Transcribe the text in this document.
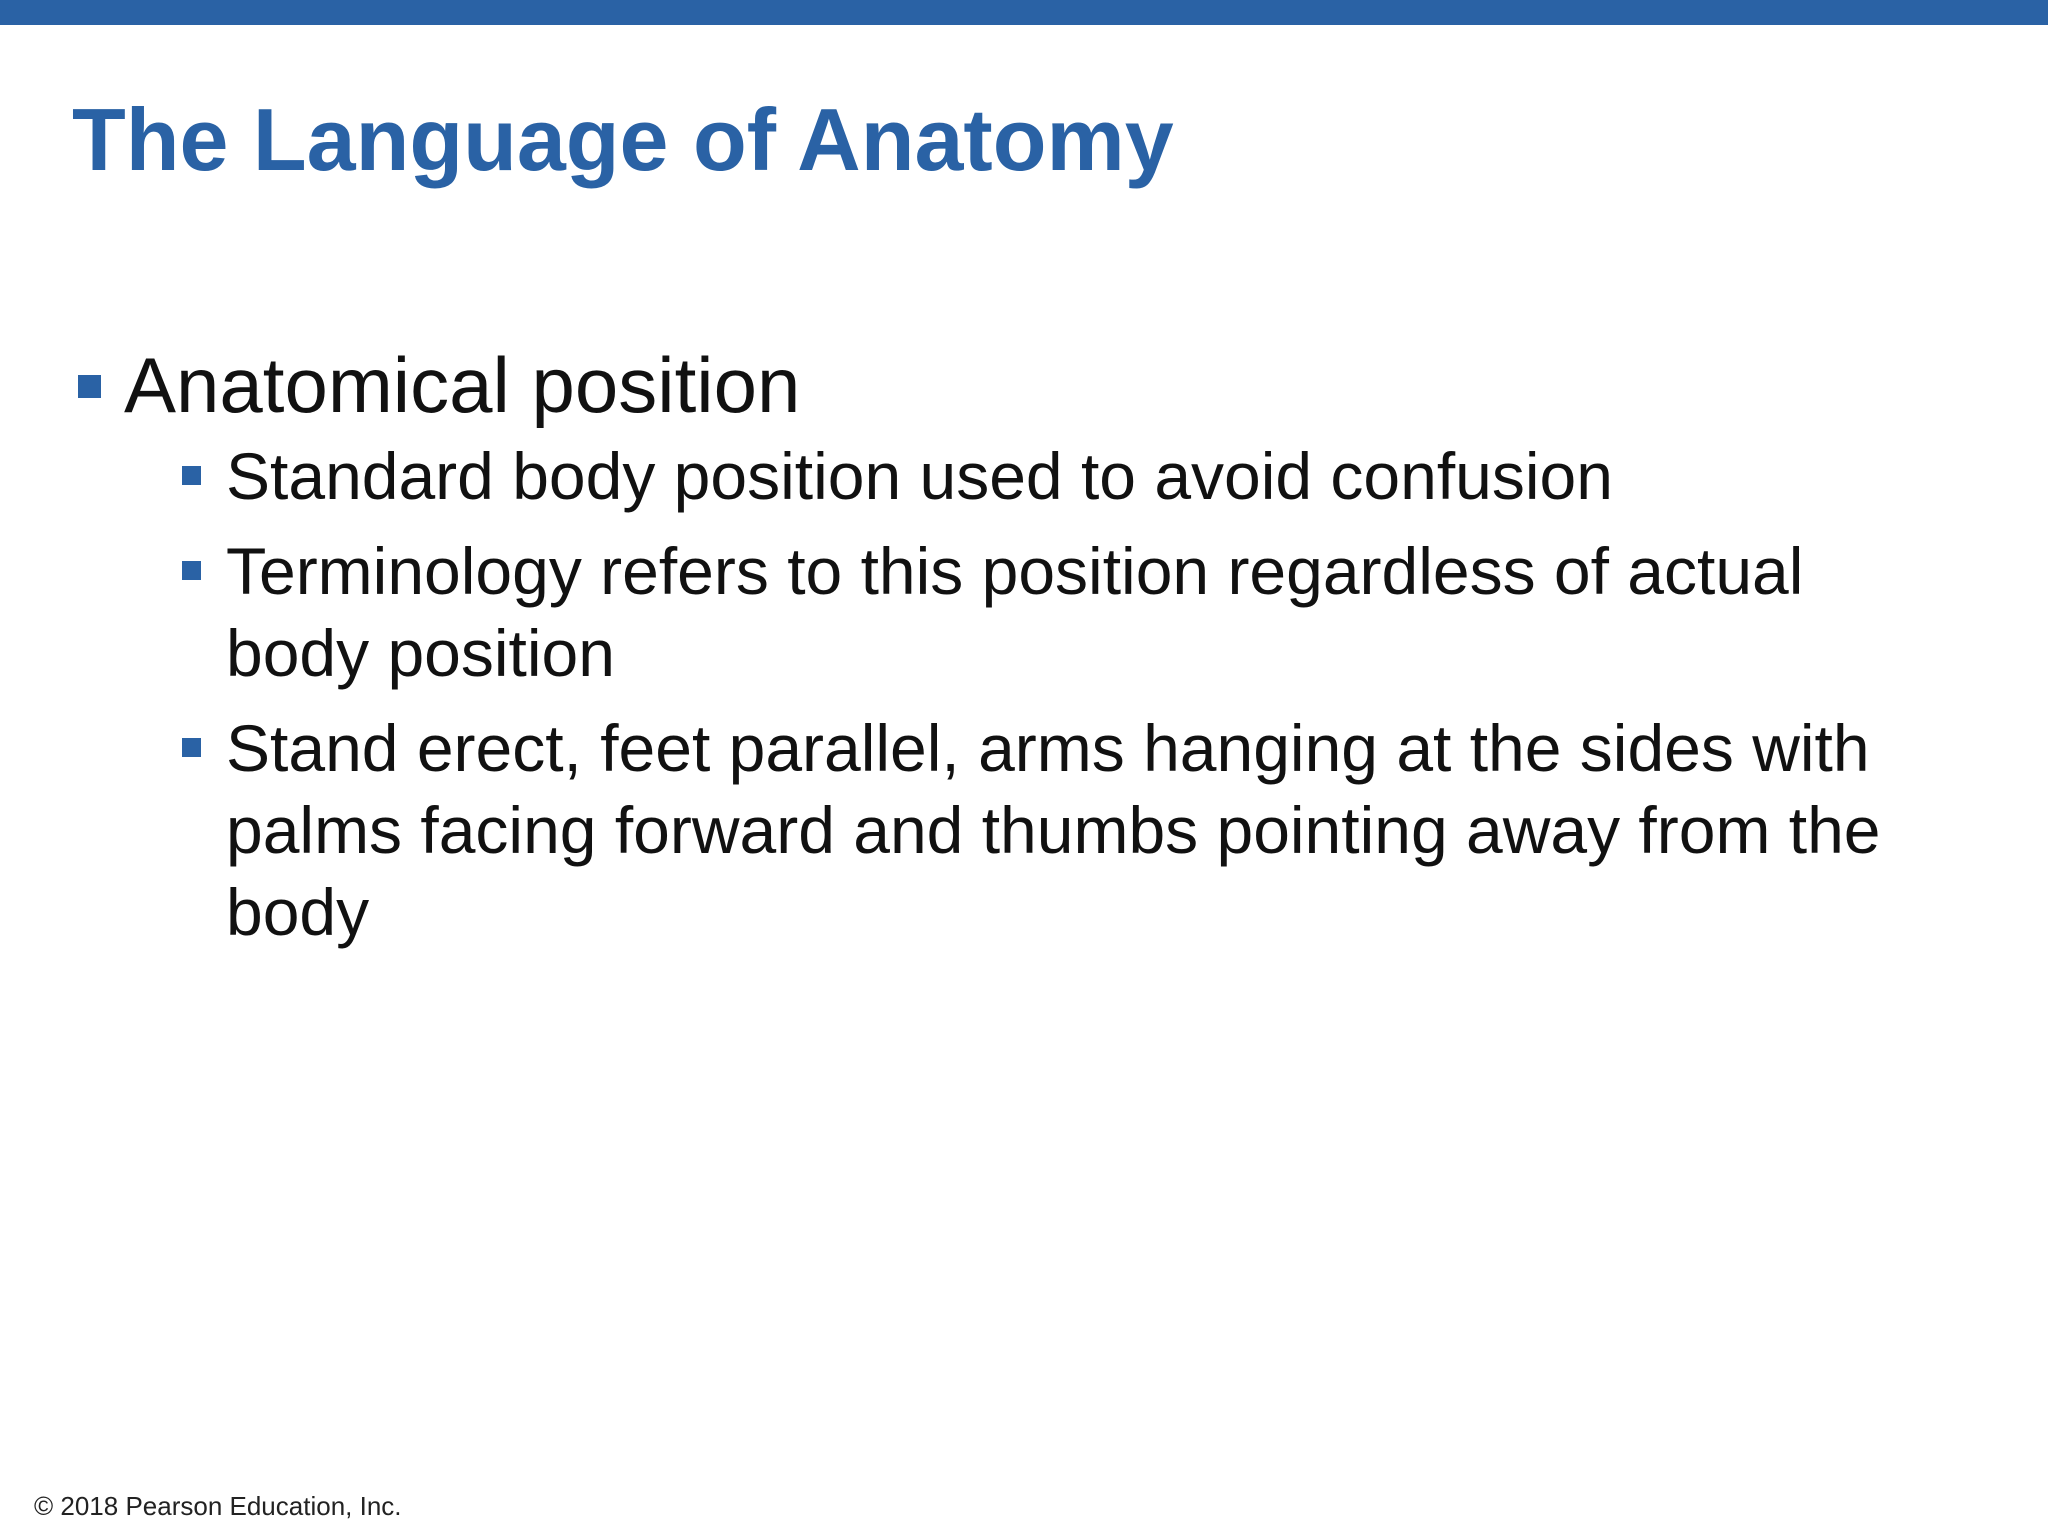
The Language of Anatomy
Anatomical position
Standard body position used to avoid confusion
Terminology refers to this position regardless of actual body position
Stand erect, feet parallel, arms hanging at the sides with palms facing forward and thumbs pointing away from the body
© 2018 Pearson Education, Inc.
